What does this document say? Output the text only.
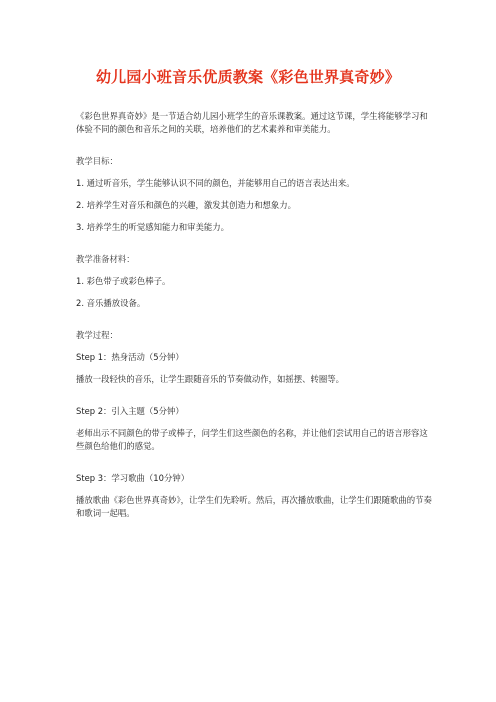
幼儿园小班音乐优质教案《彩色世界真奇妙》

《彩色世界真奇妙》是一节适合幼儿园小班学生的音乐课教案。通过这节课，学生将能够学习和体验不同的颜色和音乐之间的关联，培养他们的艺术素养和审美能力。

教学目标：

1. 通过听音乐，学生能够认识不同的颜色，并能够用自己的语言表达出来。

2. 培养学生对音乐和颜色的兴趣，激发其创造力和想象力。

3. 培养学生的听觉感知能力和审美能力。

教学准备材料：

1. 彩色带子或彩色棒子。

2. 音乐播放设备。

教学过程：

Step 1：热身活动（5分钟）

播放一段轻快的音乐，让学生跟随音乐的节奏做动作，如摇摆、转圈等。

Step 2：引入主题（5分钟）

老师出示不同颜色的带子或棒子，问学生们这些颜色的名称，并让他们尝试用自己的语言形容这些颜色给他们的感觉。

Step 3：学习歌曲（10分钟）

播放歌曲《彩色世界真奇妙》，让学生们先聆听。然后，再次播放歌曲，让学生们跟随歌曲的节奏和歌词一起唱。
